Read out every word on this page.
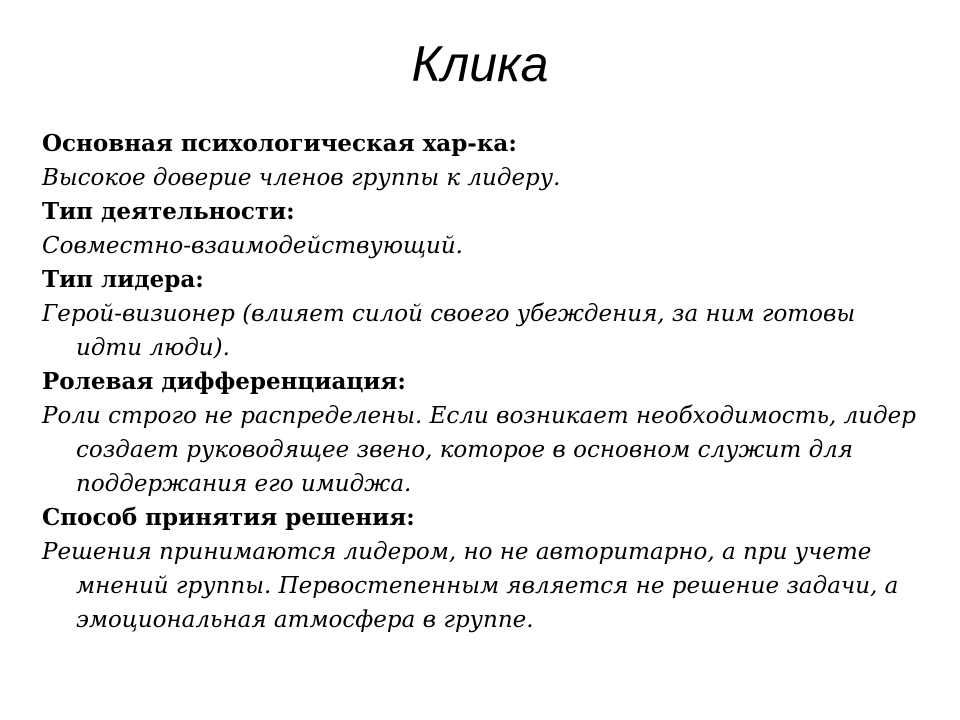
Клика

Основная психологическая хар-ка:

Высокое доверие членов группы к лидеру.

Тип деятельности:

Совместно-взаимодействующий.

Тип лидера:

Герой-визионер (влияет силой своего убеждения, за ним готовы идти люди).

Ролевая дифференциация:

Роли строго не распределены. Если возникает необходимость, лидер создает руководящее звено, которое в основном служит для поддержания его имиджа.

Способ принятия решения:

Решения принимаются лидером, но не авторитарно, а при учете мнений группы. Первостепенным является не решение задачи, а эмоциональная атмосфера в группе.
